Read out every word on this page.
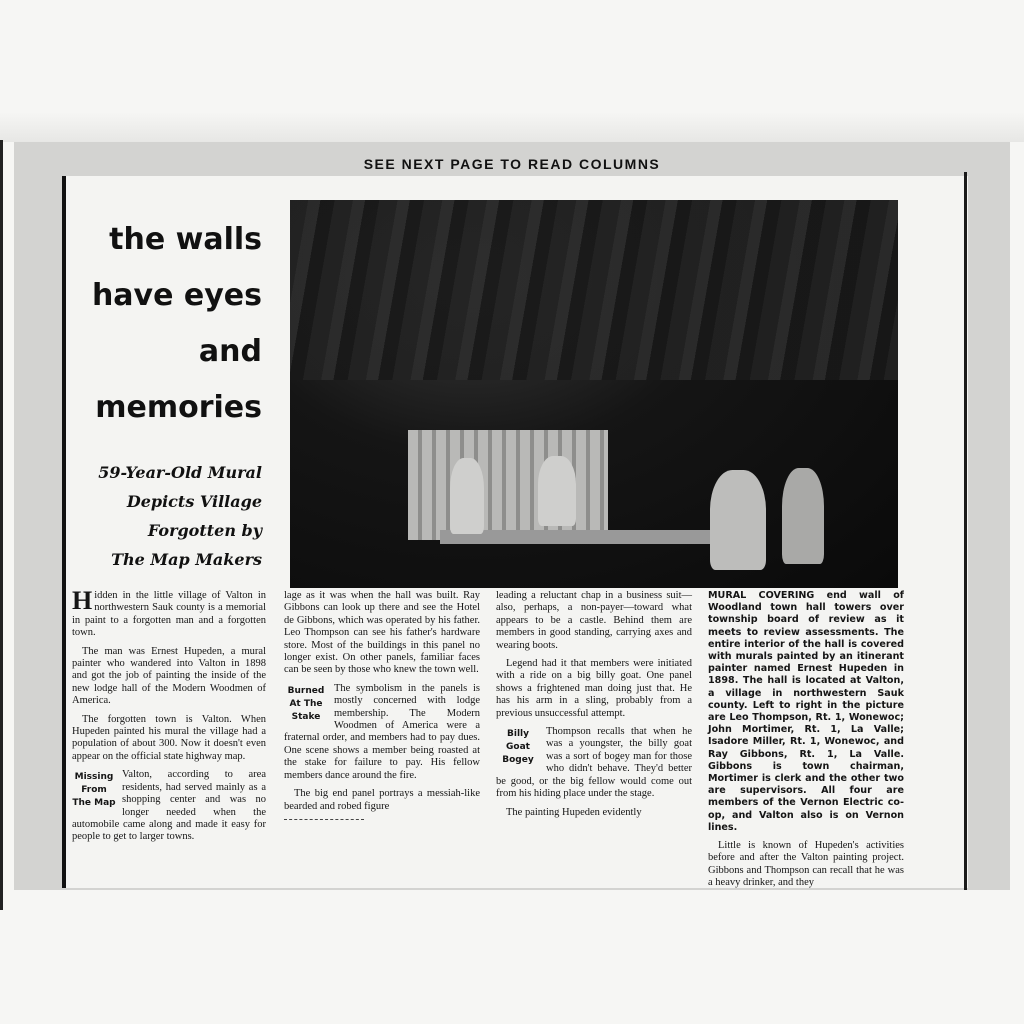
SEE NEXT PAGE TO READ COLUMNS
the walls
have eyes
and
memories
59-Year-Old Mural
Depicts Village
Forgotten by
The Map Makers

Hidden in the little village of Valton in northwestern Sauk county is a memorial in paint to a forgotten man and a forgotten town.

The man was Ernest Hupeden, a mural painter who wandered into Valton in 1898 and got the job of painting the inside of the new lodge hall of the Modern Woodmen of America.

The forgotten town is Valton. When Hupeden painted his mural the village had a population of about 300. Now it doesn't even appear on the official state highway map.

Missing From The Map
Valton, according to area residents, had served mainly as a shopping center and was no longer needed when the automobile came along and made it easy for people to get to larger towns.

lage as it was when the hall was built. Ray Gibbons can look up there and see the Hotel de Gibbons, which was operated by his father. Leo Thompson can see his father's hardware store. Most of the buildings in this panel no longer exist. On other panels, familiar faces can be seen by those who knew the town well.

Burned At The Stake
The symbolism in the panels is mostly concerned with lodge membership. The Modern Woodmen of America were a fraternal order, and members had to pay dues. One scene shows a member being roasted at the stake for failure to pay. His fellow members dance around the fire.

The big end panel portrays a messiah-like bearded and robed figure

leading a reluctant chap in a business suit—also, perhaps, a non-payer—toward what appears to be a castle. Behind them are members in good standing, carrying axes and wearing boots.

Legend had it that members were initiated with a ride on a big billy goat. One panel shows a frightened man doing just that. He has his arm in a sling, probably from a previous unsuccessful attempt.

Billy Goat Bogey
Thompson recalls that when he was a youngster, the billy goat was a sort of bogey man for those who didn't behave. They'd better be good, or the big fellow would come out from his hiding place under the stage.

The painting Hupeden evidently

MURAL COVERING end wall of Woodland town hall towers over township board of review as it meets to review assessments. The entire interior of the hall is covered with murals painted by an itinerant painter named Ernest Hupeden in 1898. The hall is located at Valton, a village in northwestern Sauk county. Left to right in the picture are Leo Thompson, Rt. 1, Wonewoc; John Mortimer, Rt. 1, La Valle; Isadore Miller, Rt. 1, Wonewoc, and Ray Gibbons, Rt. 1, La Valle. Gibbons is town chairman, Mortimer is clerk and the other two are supervisors. All four are members of the Vernon Electric co-op, and Valton also is on Vernon lines.

Little is known of Hupeden's activities before and after the Valton painting project. Gibbons and Thompson can recall that he was a heavy drinker, and they
